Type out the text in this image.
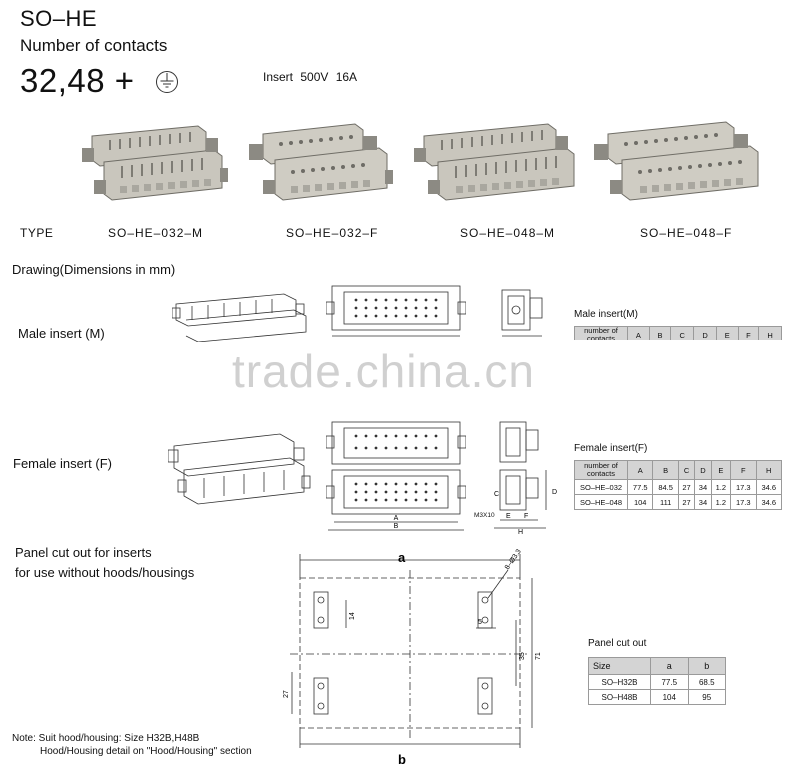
SO–HE
Number of contacts
32,48 +	Insert 500V 16A
TYPE	SO–HE–032–M	SO–HE–032–F	SO–HE–048–M	SO–HE–048–F
Drawing(Dimensions in mm)
Male insert (M)
Female insert (F)
A
B
D
C
E F
H
M3X10
Male insert(M)
number of contacts	A	B	C	D	E	F	H
Female insert(F)
number of contacts	A	B	C	D	E	F	H
SO–HE–032	77.5	84.5	27	34	1.2	17.3	34.6
SO–HE–048	104	111	27	34	1.2	17.3	34.6
trade.china.cn
Panel cut out for inserts
for use without hoods/housings
a
b
8–Ø3.3
14
5
35 71
27
Panel cut out
Size	a	b
SO–H32B	77.5	68.5
SO–H48B	104	95
Note: Suit hood/housing: Size H32B,H48B
Hood/Housing detail on "Hood/Housing" section
